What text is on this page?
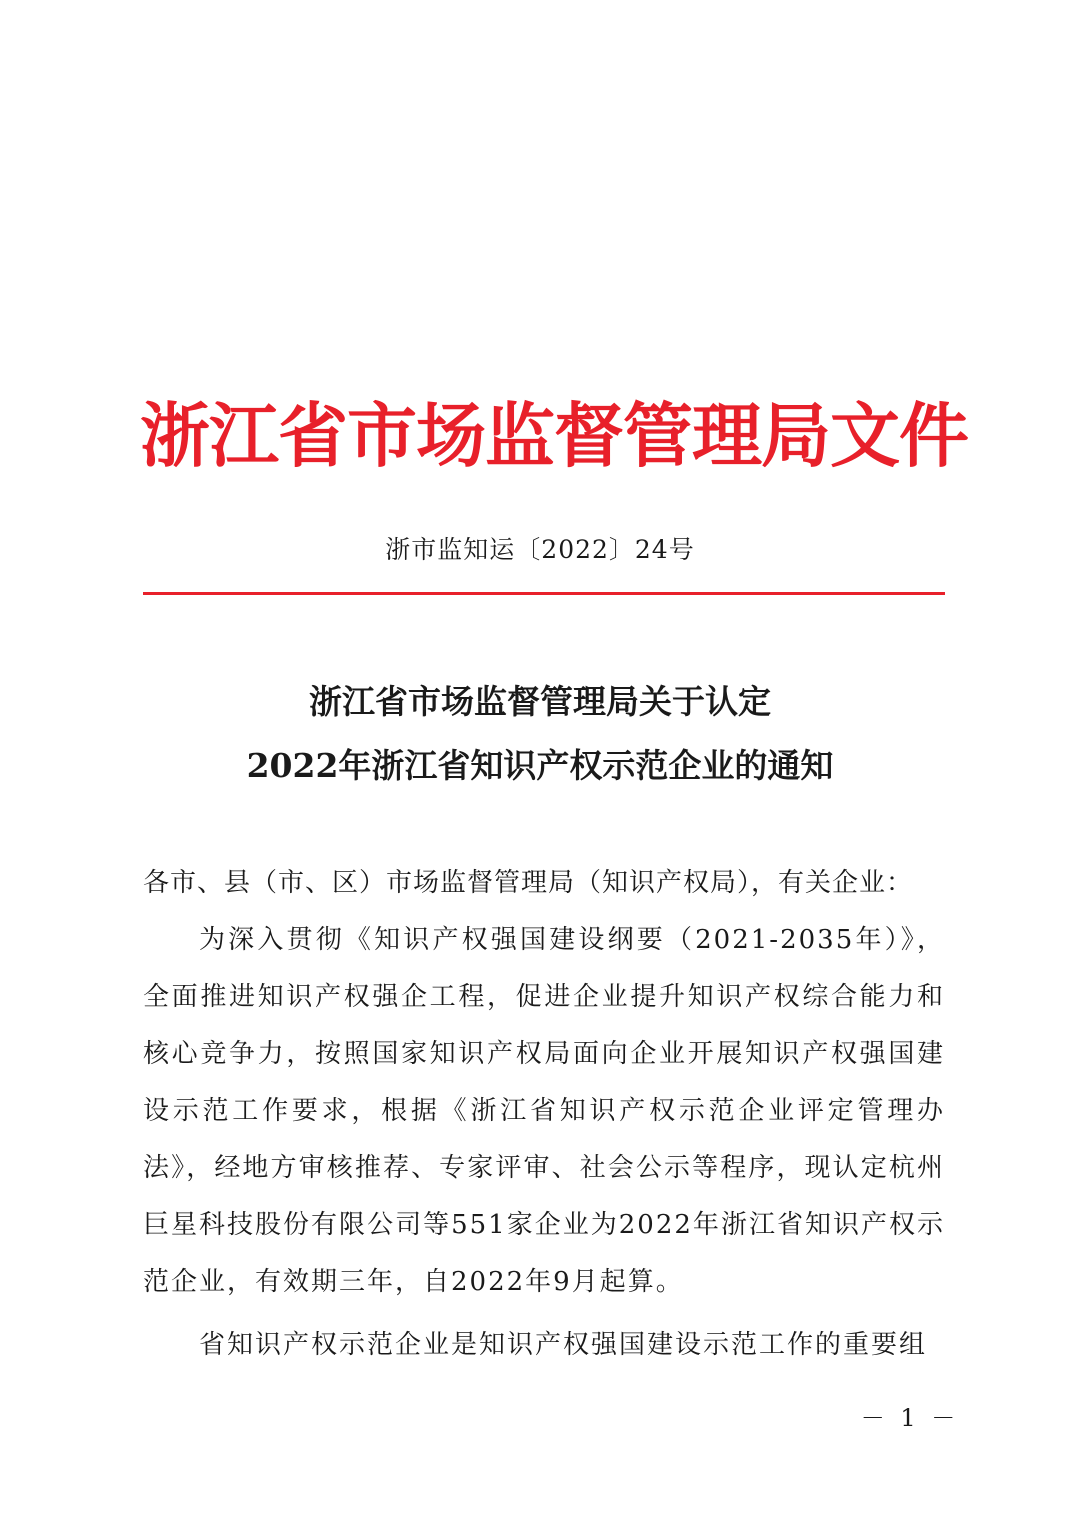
浙江省市场监督管理局文件
浙市监知运〔2022〕24号
浙江省市场监督管理局关于认定
2022年浙江省知识产权示范企业的通知
各市、县（市、区）市场监督管理局（知识产权局），有关企业：
为深入贯彻《知识产权强国建设纲要（2021-2035年）》，全面推进知识产权强企工程，促进企业提升知识产权综合能力和核心竞争力，按照国家知识产权局面向企业开展知识产权强国建设示范工作要求，根据《浙江省知识产权示范企业评定管理办法》，经地方审核推荐、专家评审、社会公示等程序，现认定杭州巨星科技股份有限公司等551家企业为2022年浙江省知识产权示范企业，有效期三年，自2022年9月起算。
省知识产权示范企业是知识产权强国建设示范工作的重要组
－ 1 －
